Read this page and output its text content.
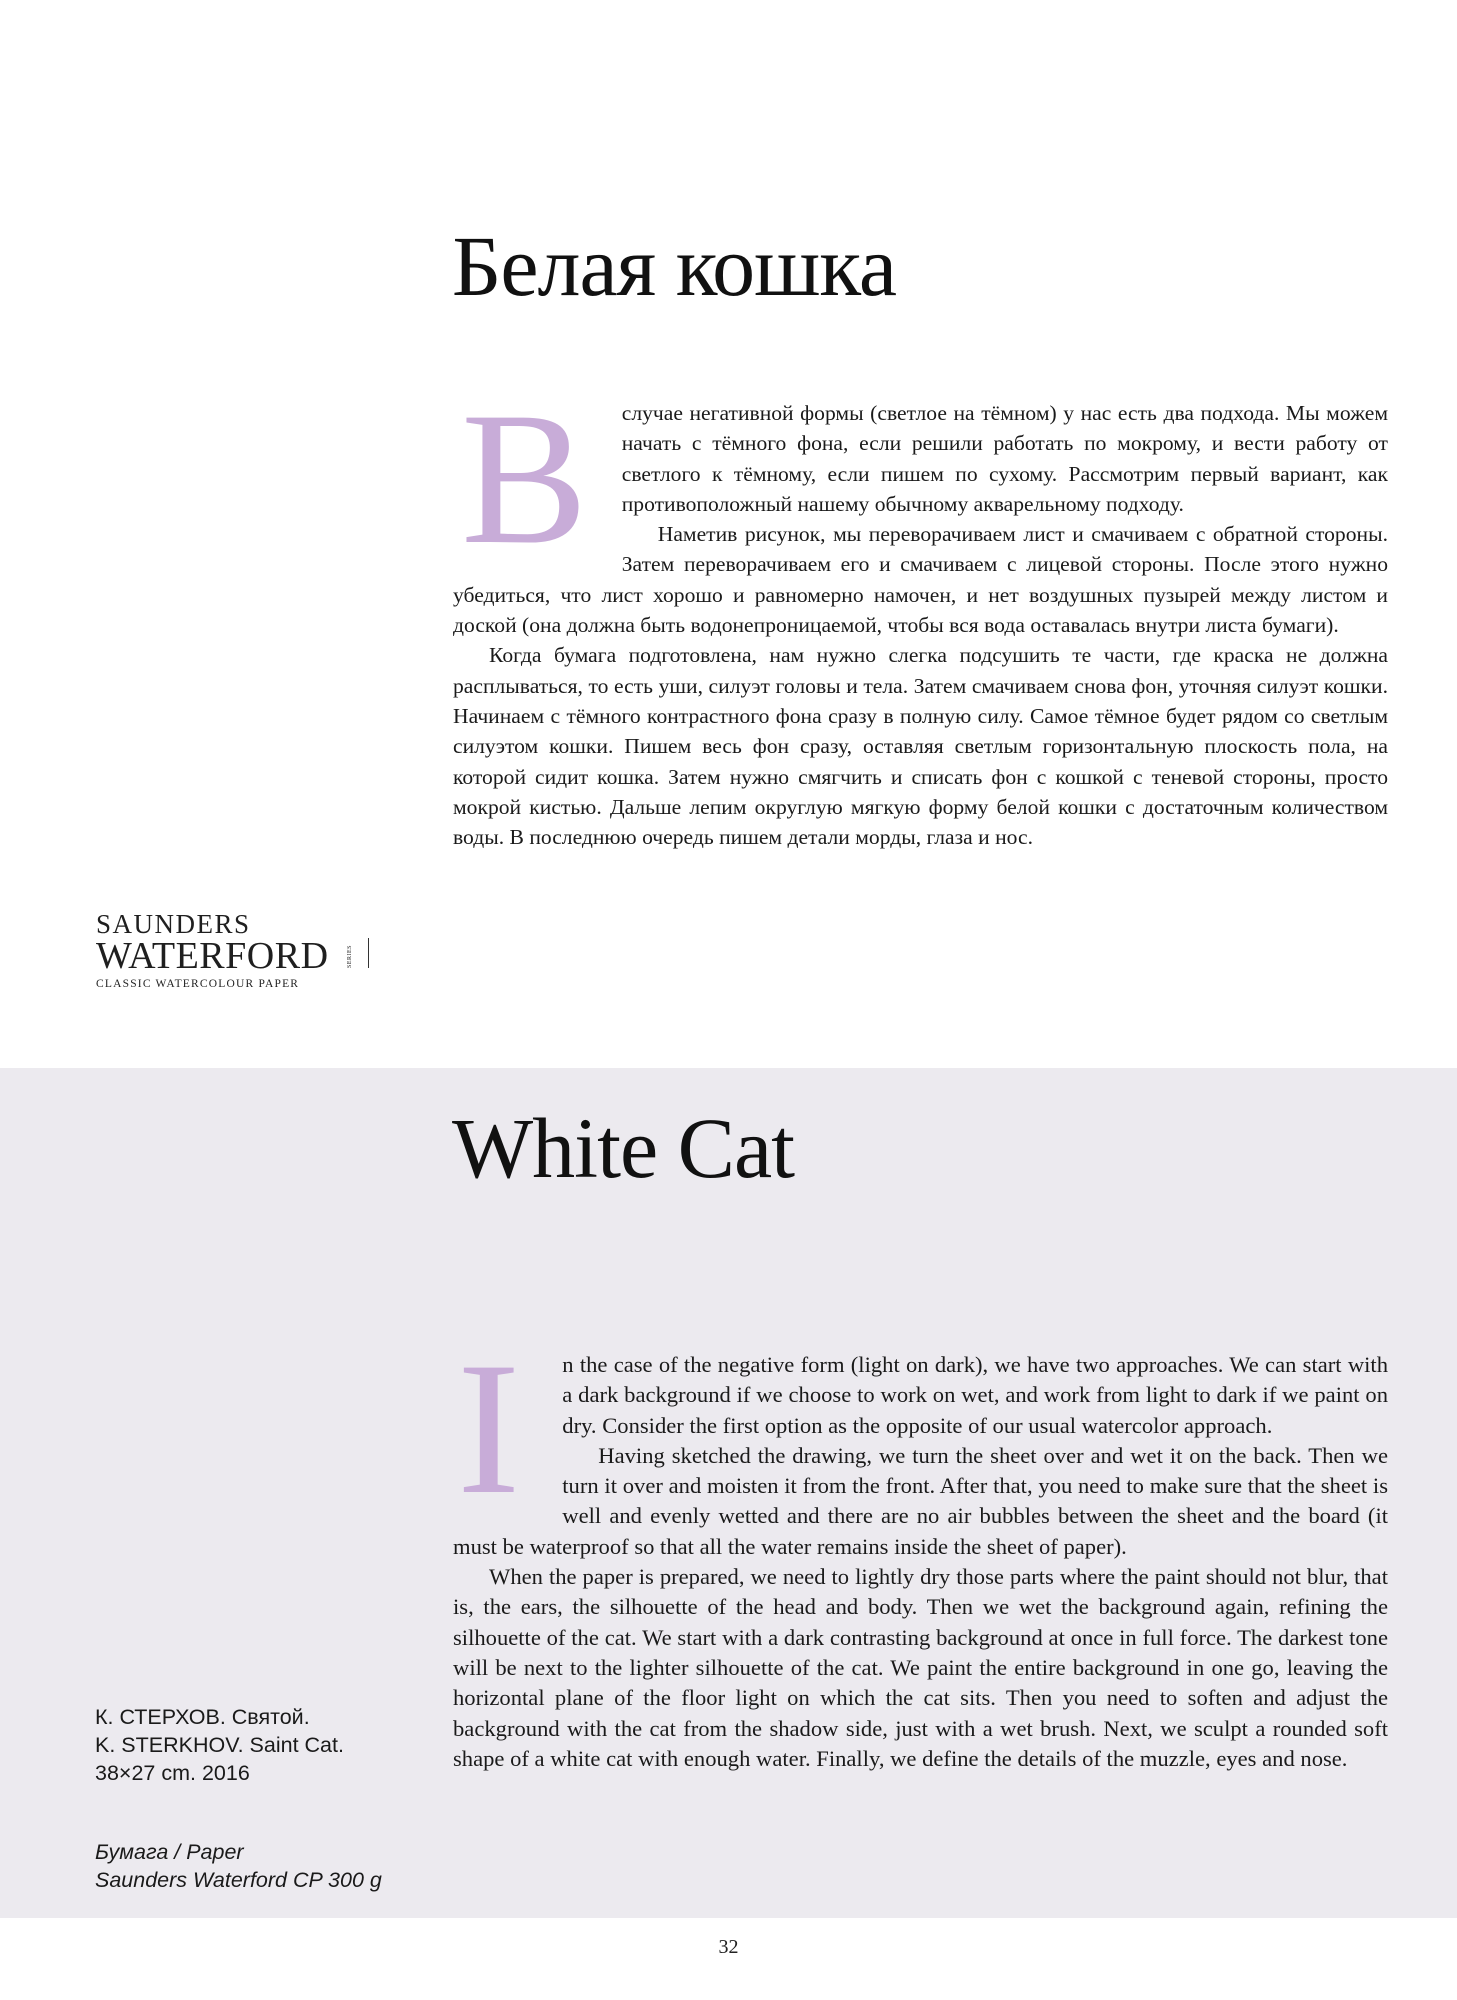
Белая кошка
В	случае негативной формы (светлое на тёмном) у нас есть два подхода. Мы можем начать с тёмного фона, если решили работать по мокрому, и вести работу от светлого к тёмному, если пишем по сухому. Рассмотрим первый вариант, как противоположный нашему обычному акварельному подходу.

Наметив рисунок, мы переворачиваем лист и смачиваем с обратной стороны. Затем переворачиваем его и смачиваем с лицевой стороны. После этого нужно убедиться, что лист хорошо и равномерно намочен, и нет воздушных пузырей между листом и доской (она должна быть водонепроницаемой, чтобы вся вода оставалась внутри листа бумаги).

Когда бумага подготовлена, нам нужно слегка подсушить те части, где краска не должна расплываться, то есть уши, силуэт головы и тела. Затем смачиваем снова фон, уточняя силуэт кошки. Начинаем с тёмного контрастного фона сразу в полную силу. Самое тёмное будет рядом со светлым силуэтом кошки. Пишем весь фон сразу, оставляя светлым горизонтальную плоскость пола, на которой сидит кошка. Затем нужно смягчить и списать фон с кошкой с теневой стороны, просто мокрой кистью. Дальше лепим округлую мягкую форму белой кошки с достаточным количеством воды. В последнюю очередь пишем детали морды, глаза и нос.

SAUNDERS
WATERFORD	SERIES
CLASSIC WATERCOLOUR PAPER
White Cat
I	n the case of the negative form (light on dark), we have two approaches. We can start with a dark background if we choose to work on wet, and work from light to dark if we paint on dry. Consider the first option as the opposite of our usual watercolor approach.

Having sketched the drawing, we turn the sheet over and wet it on the back. Then we turn it over and moisten it from the front. After that, you need to make sure that the sheet is well and evenly wetted and there are no air bubbles between the sheet and the board (it must be waterproof so that all the water remains inside the sheet of paper).

When the paper is prepared, we need to lightly dry those parts where the paint should not blur, that is, the ears, the silhouette of the head and body. Then we wet the background again, refining the silhouette of the cat. We start with a dark contrasting background at once in full force. The darkest tone will be next to the lighter silhouette of the cat. We paint the entire background in one go, leaving the horizontal plane of the floor light on which the cat sits. Then you need to soften and adjust the background with the cat from the shadow side, just with a wet brush. Next, we sculpt a rounded soft shape of a white cat with enough water. Finally, we define the details of the muzzle, eyes and nose.

К. СТЕРХОВ. Святой.
K. STERKHOV. Saint Cat.
38×27 cm. 2016
Бумага / Paper
Saunders Waterford CP 300 g
32
